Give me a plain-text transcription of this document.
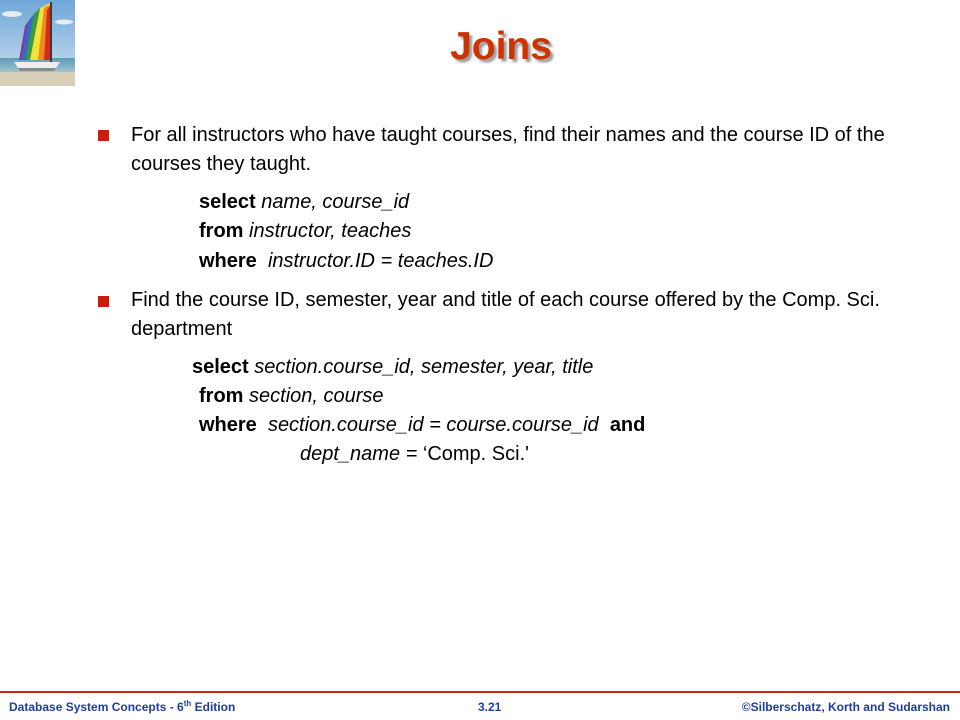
Joins
For all instructors who have taught courses, find their names and the course ID of the courses they taught.
select name, course_id
from instructor, teaches
where instructor.ID = teaches.ID
Find the course ID, semester, year and title of each course offered by the Comp. Sci. department
select section.course_id, semester, year, title
from section, course
where section.course_id = course.course_id and
dept_name = ‘Comp. Sci.'
Database System Concepts - 6th Edition	3.21	©Silberschatz, Korth and Sudarshan
